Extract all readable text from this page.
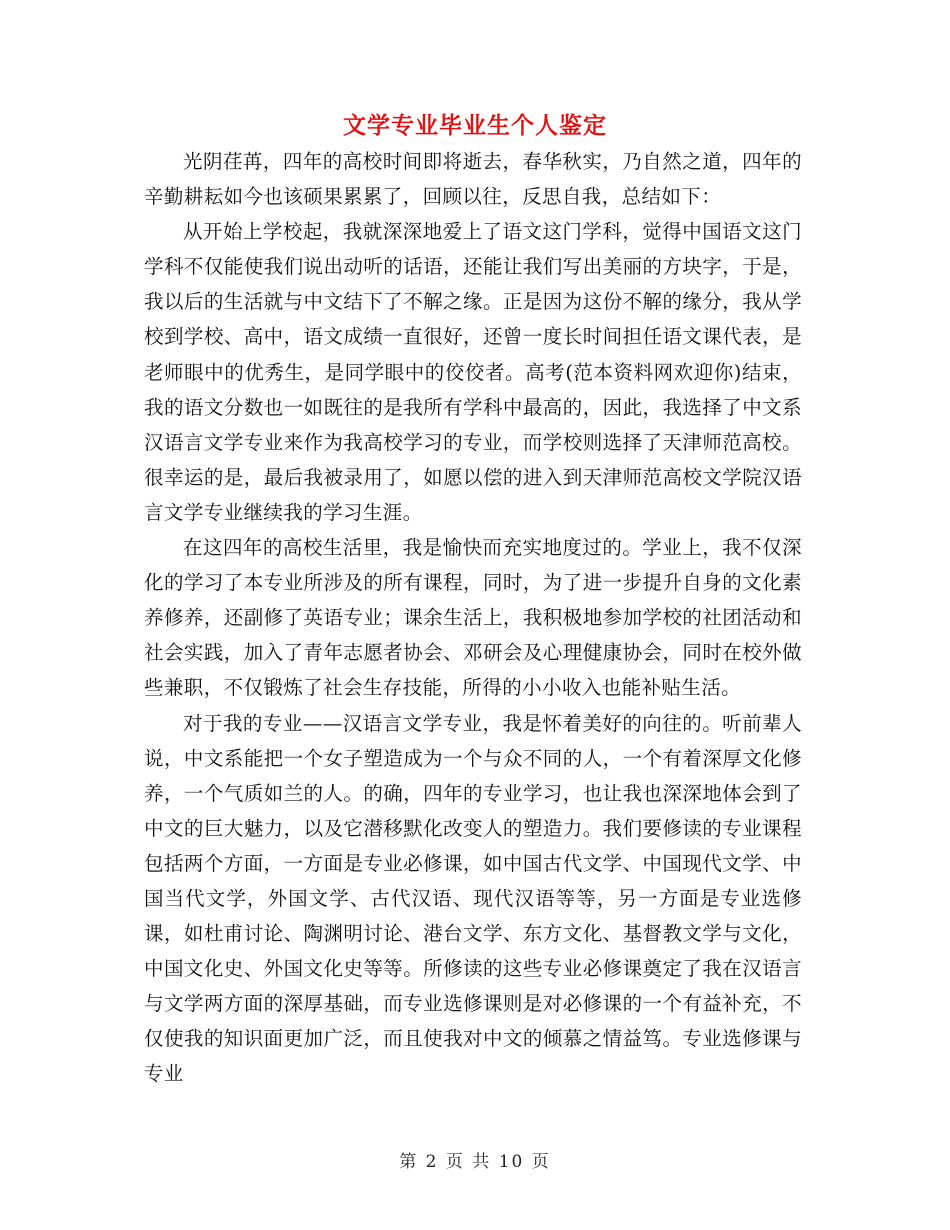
文学专业毕业生个人鉴定

光阴荏苒，四年的高校时间即将逝去，春华秋实，乃自然之道，四年的辛勤耕耘如今也该硕果累累了，回顾以往，反思自我，总结如下：

从开始上学校起，我就深深地爱上了语文这门学科，觉得中国语文这门学科不仅能使我们说出动听的话语，还能让我们写出美丽的方块字，于是，我以后的生活就与中文结下了不解之缘。正是因为这份不解的缘分，我从学校到学校、高中，语文成绩一直很好，还曾一度长时间担任语文课代表，是老师眼中的优秀生，是同学眼中的佼佼者。高考(范本资料网欢迎你)结束，我的语文分数也一如既往的是我所有学科中最高的，因此，我选择了中文系汉语言文学专业来作为我高校学习的专业，而学校则选择了天津师范高校。很幸运的是，最后我被录用了，如愿以偿的进入到天津师范高校文学院汉语言文学专业继续我的学习生涯。

在这四年的高校生活里，我是愉快而充实地度过的。学业上，我不仅深化的学习了本专业所涉及的所有课程，同时，为了进一步提升自身的文化素养修养，还副修了英语专业；课余生活上，我积极地参加学校的社团活动和社会实践，加入了青年志愿者协会、邓研会及心理健康协会，同时在校外做些兼职，不仅锻炼了社会生存技能，所得的小小收入也能补贴生活。

对于我的专业——汉语言文学专业，我是怀着美好的向往的。听前辈人说，中文系能把一个女子塑造成为一个与众不同的人，一个有着深厚文化修养，一个气质如兰的人。的确，四年的专业学习，也让我也深深地体会到了中文的巨大魅力，以及它潜移默化改变人的塑造力。我们要修读的专业课程包括两个方面，一方面是专业必修课，如中国古代文学、中国现代文学、中国当代文学，外国文学、古代汉语、现代汉语等等，另一方面是专业选修课，如杜甫讨论、陶渊明讨论、港台文学、东方文化、基督教文学与文化，中国文化史、外国文化史等等。所修读的这些专业必修课奠定了我在汉语言与文学两方面的深厚基础，而专业选修课则是对必修课的一个有益补充，不仅使我的知识面更加广泛，而且使我对中文的倾慕之情益笃。专业选修课与专业

第 2 页 共 10 页
